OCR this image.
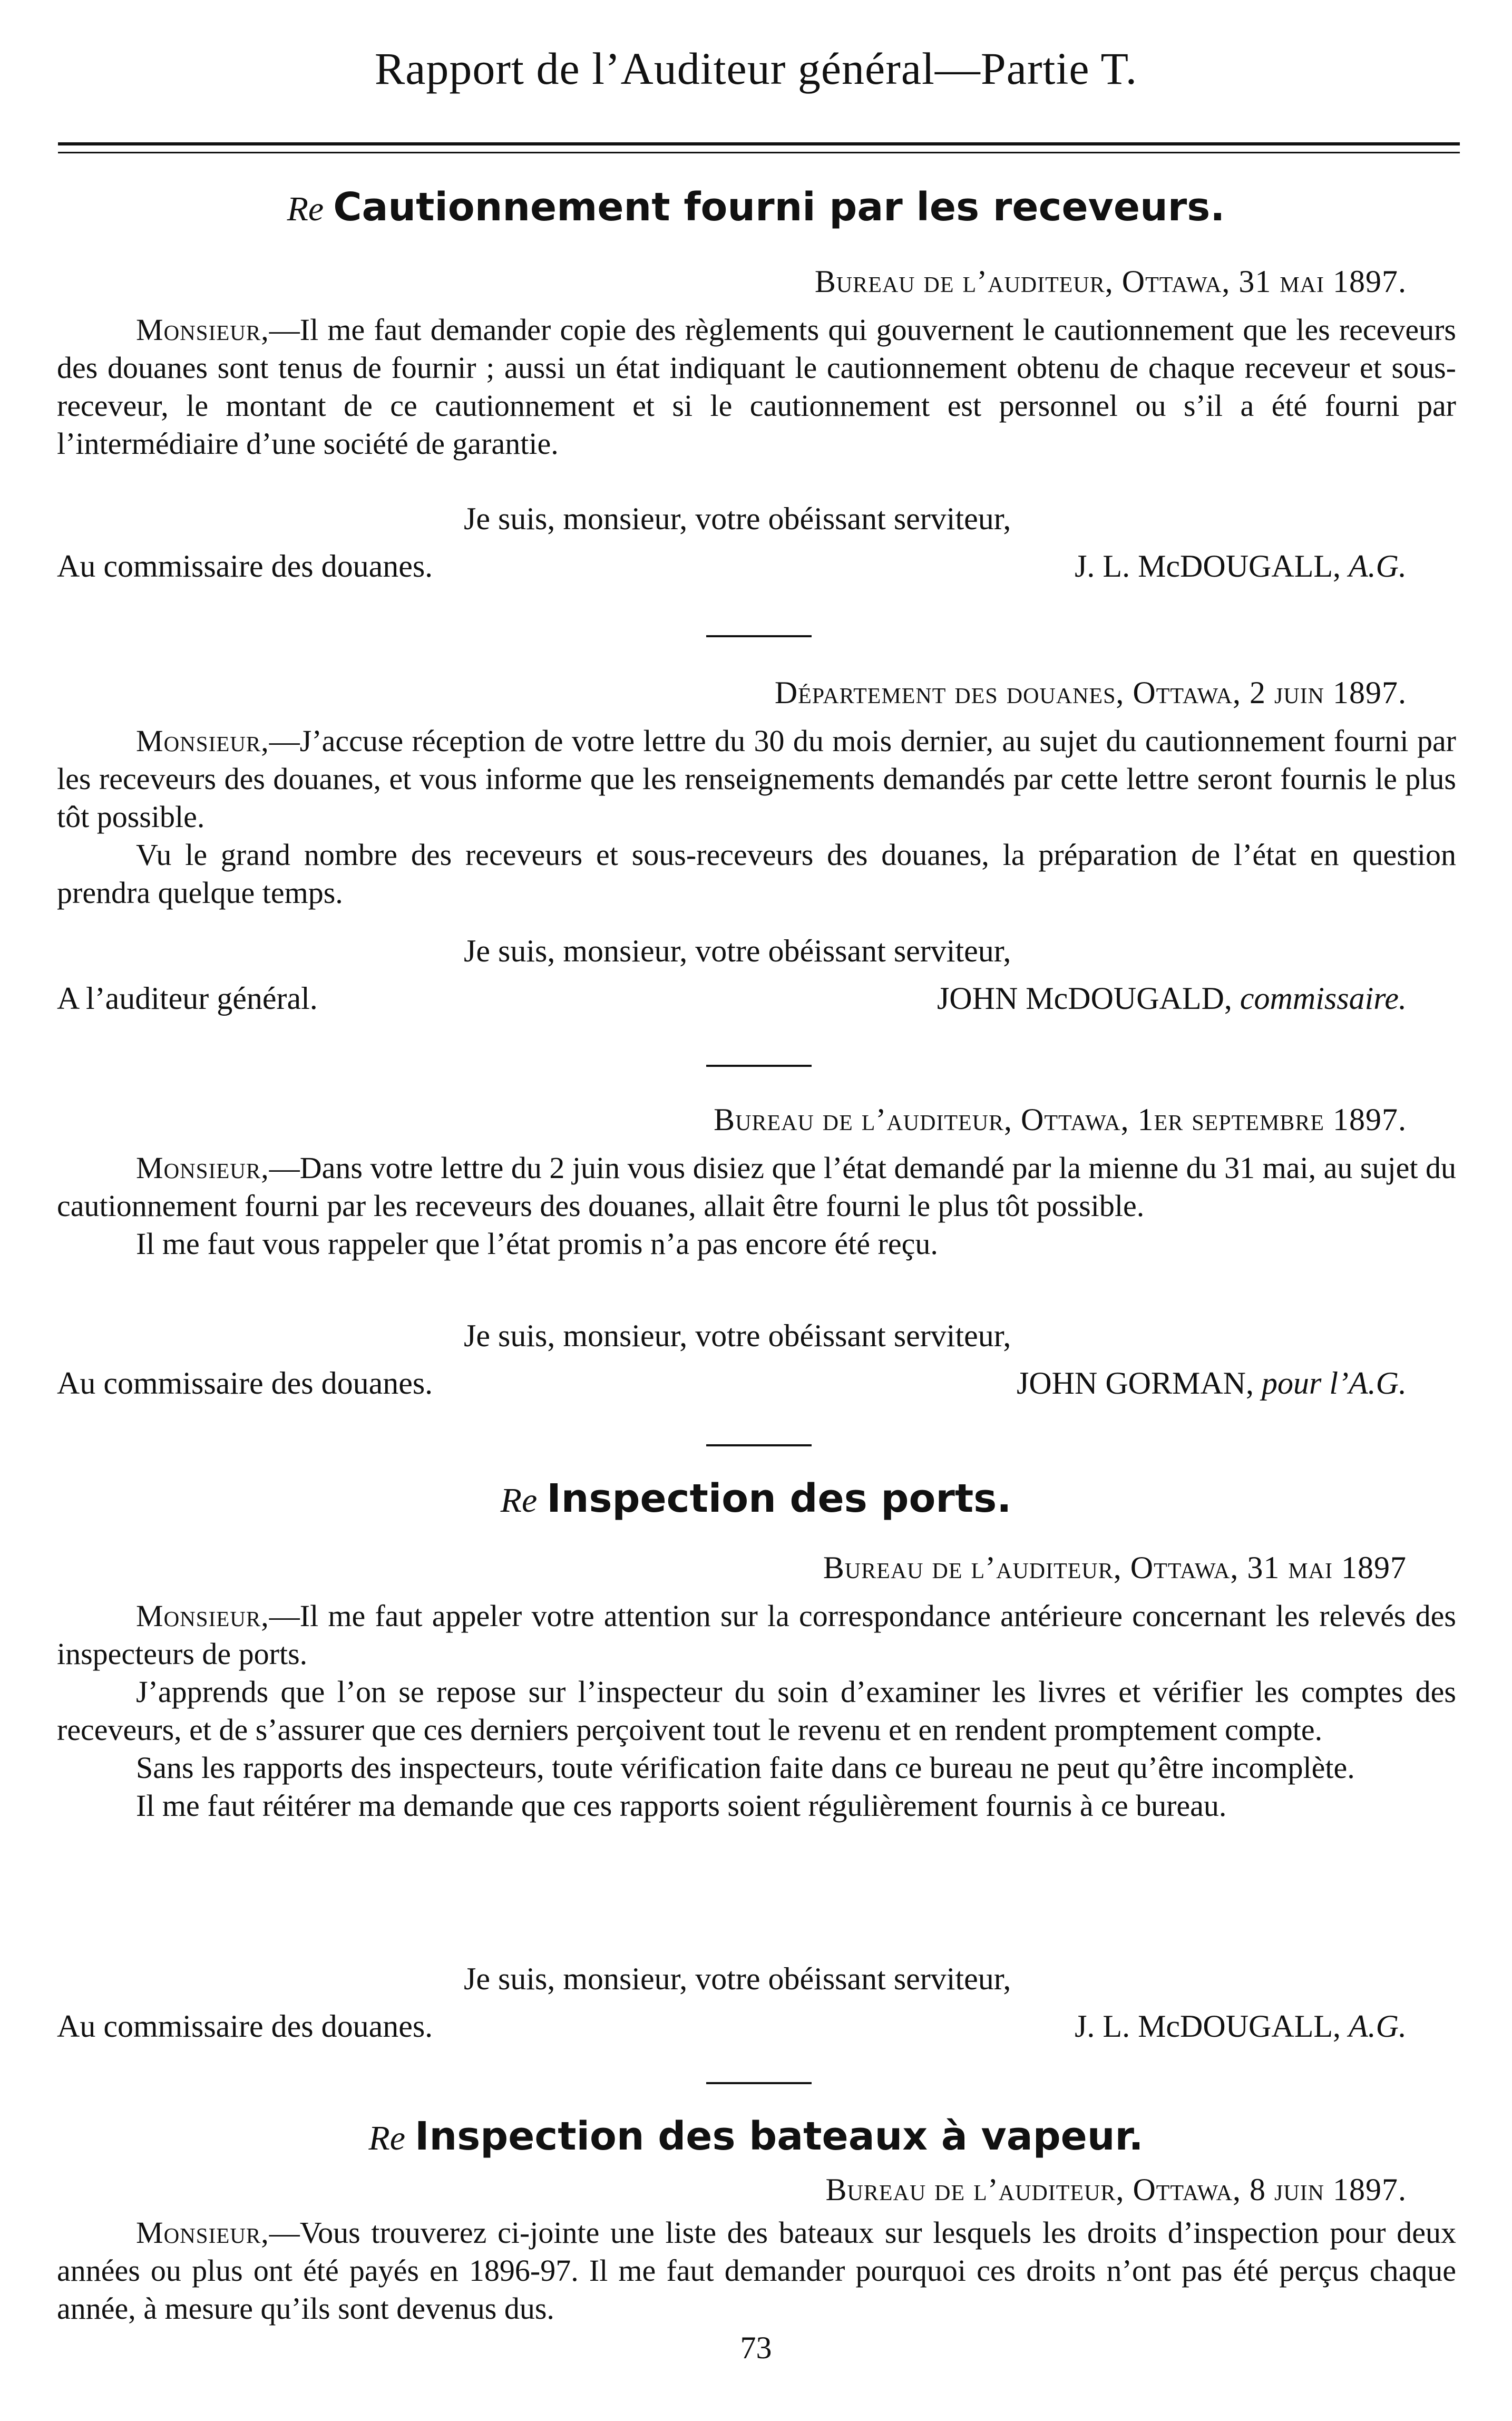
Rapport de l’Auditeur général—Partie T.
Re Cautionnement fourni par les receveurs.
Bureau de l’auditeur, Ottawa, 31 mai 1897.

Monsieur,—Il me faut demander copie des règlements qui gouvernent le cautionnement que les receveurs des douanes sont tenus de fournir ; aussi un état indiquant le cautionnement obtenu de chaque receveur et sous-receveur, le montant de ce cautionnement et si le cautionnement est personnel ou s’il a été fourni par l’intermédiaire d’une société de garantie.

Je suis, monsieur, votre obéissant serviteur,
Au commissaire des douanes.	J. L. McDOUGALL, A.G.
Département des douanes, Ottawa, 2 juin 1897.

Monsieur,—J’accuse réception de votre lettre du 30 du mois dernier, au sujet du cautionnement fourni par les receveurs des douanes, et vous informe que les renseignements demandés par cette lettre seront fournis le plus tôt possible.

Vu le grand nombre des receveurs et sous-receveurs des douanes, la préparation de l’état en question prendra quelque temps.

Je suis, monsieur, votre obéissant serviteur,
A l’auditeur général.	JOHN McDOUGALD, commissaire.
Bureau de l’auditeur, Ottawa, 1er septembre 1897.

Monsieur,—Dans votre lettre du 2 juin vous disiez que l’état demandé par la mienne du 31 mai, au sujet du cautionnement fourni par les receveurs des douanes, allait être fourni le plus tôt possible.

Il me faut vous rappeler que l’état promis n’a pas encore été reçu.

Je suis, monsieur, votre obéissant serviteur,
Au commissaire des douanes.	JOHN GORMAN, pour l’A.G.
Re Inspection des ports.
Bureau de l’auditeur, Ottawa, 31 mai 1897

Monsieur,—Il me faut appeler votre attention sur la correspondance antérieure concernant les relevés des inspecteurs de ports.

J’apprends que l’on se repose sur l’inspecteur du soin d’examiner les livres et vérifier les comptes des receveurs, et de s’assurer que ces derniers perçoivent tout le revenu et en rendent promptement compte.

Sans les rapports des inspecteurs, toute vérification faite dans ce bureau ne peut qu’être incomplète.

Il me faut réitérer ma demande que ces rapports soient régulièrement fournis à ce bureau.

Je suis, monsieur, votre obéissant serviteur,
Au commissaire des douanes.	J. L. McDOUGALL, A.G.
Re Inspection des bateaux à vapeur.
Bureau de l’auditeur, Ottawa, 8 juin 1897.

Monsieur,—Vous trouverez ci-jointe une liste des bateaux sur lesquels les droits d’inspection pour deux années ou plus ont été payés en 1896-97. Il me faut demander pourquoi ces droits n’ont pas été perçus chaque année, à mesure qu’ils sont devenus dus.

73
